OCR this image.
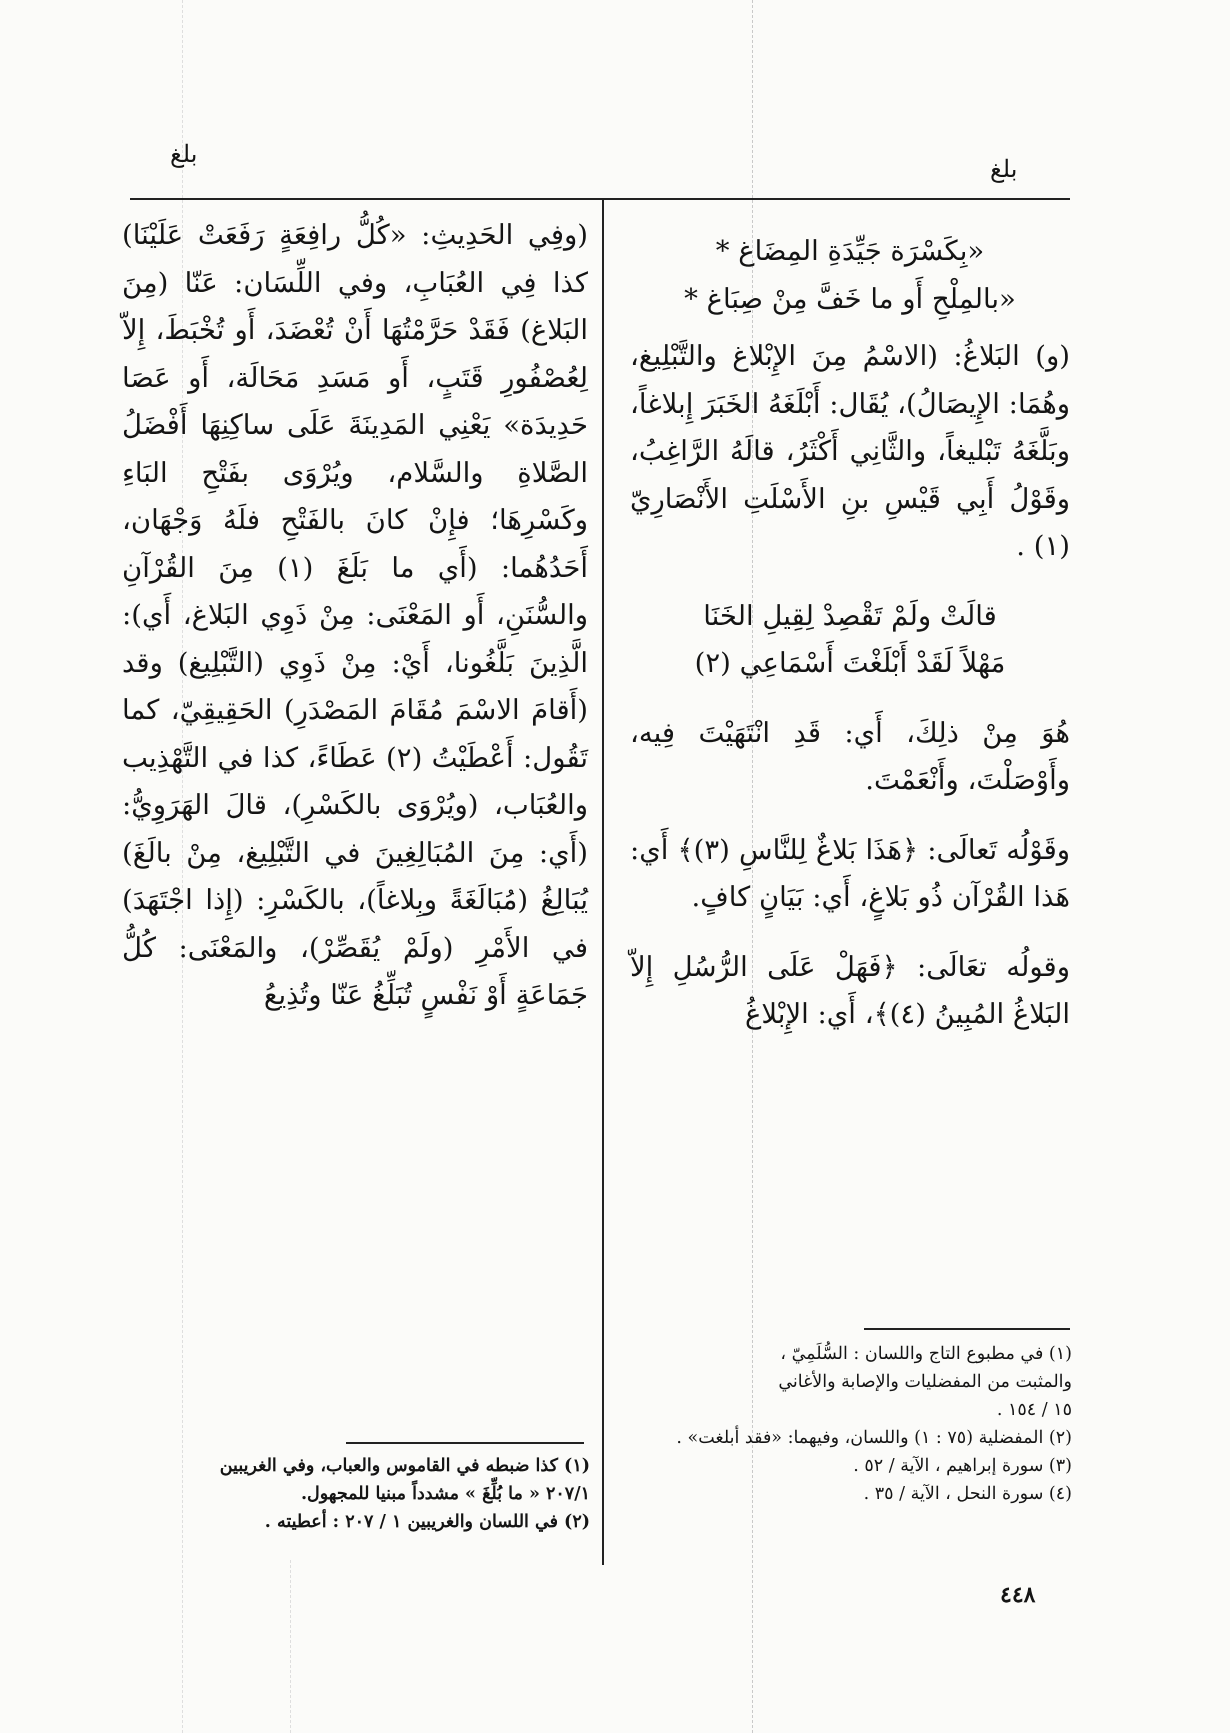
بلغ
بلغ

«بِكَسْرَة جَيِّدَةِ المِضَاغ *

«بالمِلْحِ أَو ما خَفَّ مِنْ صِبَاغ *

(و) البَلاغُ: (الاسْمُ مِنَ الإِبْلاغ والتَّبْلِيغ، وهُمَا: الإِيصَالُ)، يُقَال: أَبْلَغَهُ الخَبَرَ إِبلاغاً، وبَلَّغَهُ تَبْليغاً، والثَّانِي أَكْثَرُ، قالَهُ الرَّاغِبُ، وقَوْلُ أَبِي قَيْسِ بنِ الأَسْلَتِ الأَنْصَارِيّ (١) .

قالَتْ ولَمْ تَقْصِدْ لِقِيلِ الخَنَا

مَهْلاً لَقَدْ أَبْلَغْتَ أَسْمَاعِي (٢)

هُوَ مِنْ ذلِكَ، أَي: قَدِ انْتَهَيْتَ فِيه، وأَوْصَلْتَ، وأَنْعَمْتَ.

وقَوْلُه تَعالَى: ﴿هَذَا بَلاغٌ لِلنَّاسِ (٣)﴾ أَي: هَذا القُرْآن ذُو بَلاغٍ، أَي: بَيَانٍ كافٍ.

وقولُه تعَالَى: ﴿فَهَلْ عَلَى الرُّسُلِ إِلاّ البَلاغُ المُبِينُ (٤)﴾، أَي: الإِبْلاغُ

(وفِي الحَدِيثِ: «كُلُّ رافِعَةٍ رَفَعَتْ عَلَيْنَا) كذا فِي العُبَابِ، وفي اللِّسَان: عَنّا (مِنَ البَلاغ) فَقَدْ حَرَّمْتُهَا أَنْ تُعْضَدَ، أَو تُخْبَطَ، إِلاّ لِعُصْفُورِ قَتَبٍ، أَو مَسَدِ مَحَالَة، أَو عَصَا حَدِيدَة» يَعْنِي المَدِينَةَ عَلَى ساكِنِهَا أَفْضَلُ الصَّلاةِ والسَّلام، ويُرْوَى بفَتْحِ البَاءِ وكَسْرِهَا؛ فإِنْ كانَ بالفَتْحِ فلَهُ وَجْهَان، أَحَدُهُما: (أَي ما بَلَغَ (١) مِنَ القُرْآنِ والسُّنَنِ، أَو المَعْنَى: مِنْ ذَوِي البَلاغ، أَي): الَّذِينَ بَلَّغُونا، أَيْ: مِنْ ذَوِي (التَّبْلِيغ) وقد (أَقامَ الاسْمَ مُقَامَ المَصْدَرِ) الحَقِيقِيّ، كما تَقُول: أَعْطَيْتُ (٢) عَطَاءً، كذا في التَّهْذِيب والعُبَاب، (ويُرْوَى بالكَسْرِ)، قالَ الهَرَوِيُّ: (أَي: مِنَ المُبَالِغِينَ في التَّبْلِيغ، مِنْ بالَغَ) يُبَالِغُ (مُبَالَغَةً وبِلاغاً)، بالكَسْرِ: (إِذا اجْتَهَدَ) في الأَمْرِ (ولَمْ يُقَصِّرْ)، والمَعْنَى: كُلُّ جَمَاعَةٍ أَوْ نَفْسٍ تُبَلِّغُ عَنّا وتُذِيعُ

(١) كذا ضبطه في القاموس والعباب، وفي الغريبين

٢٠٧/١ « ما بُلِّغَ » مشدداً مبنيا للمجهول.

(٢) في اللسان والغريبين ١ / ٢٠٧ : أعطيته .

(١) في مطبوع التاج واللسان : السُّلَمِيّ ،

والمثبت من المفضليات والإصابة والأغاني

١٥ / ١٥٤ .

(٢) المفضلية (٧٥ : ١) واللسان، وفيهما: «فقد أبلغت» .

(٣) سورة إبراهيم ، الآية / ٥٢ .

(٤) سورة النحل ، الآية / ٣٥ .

٤٤٨
